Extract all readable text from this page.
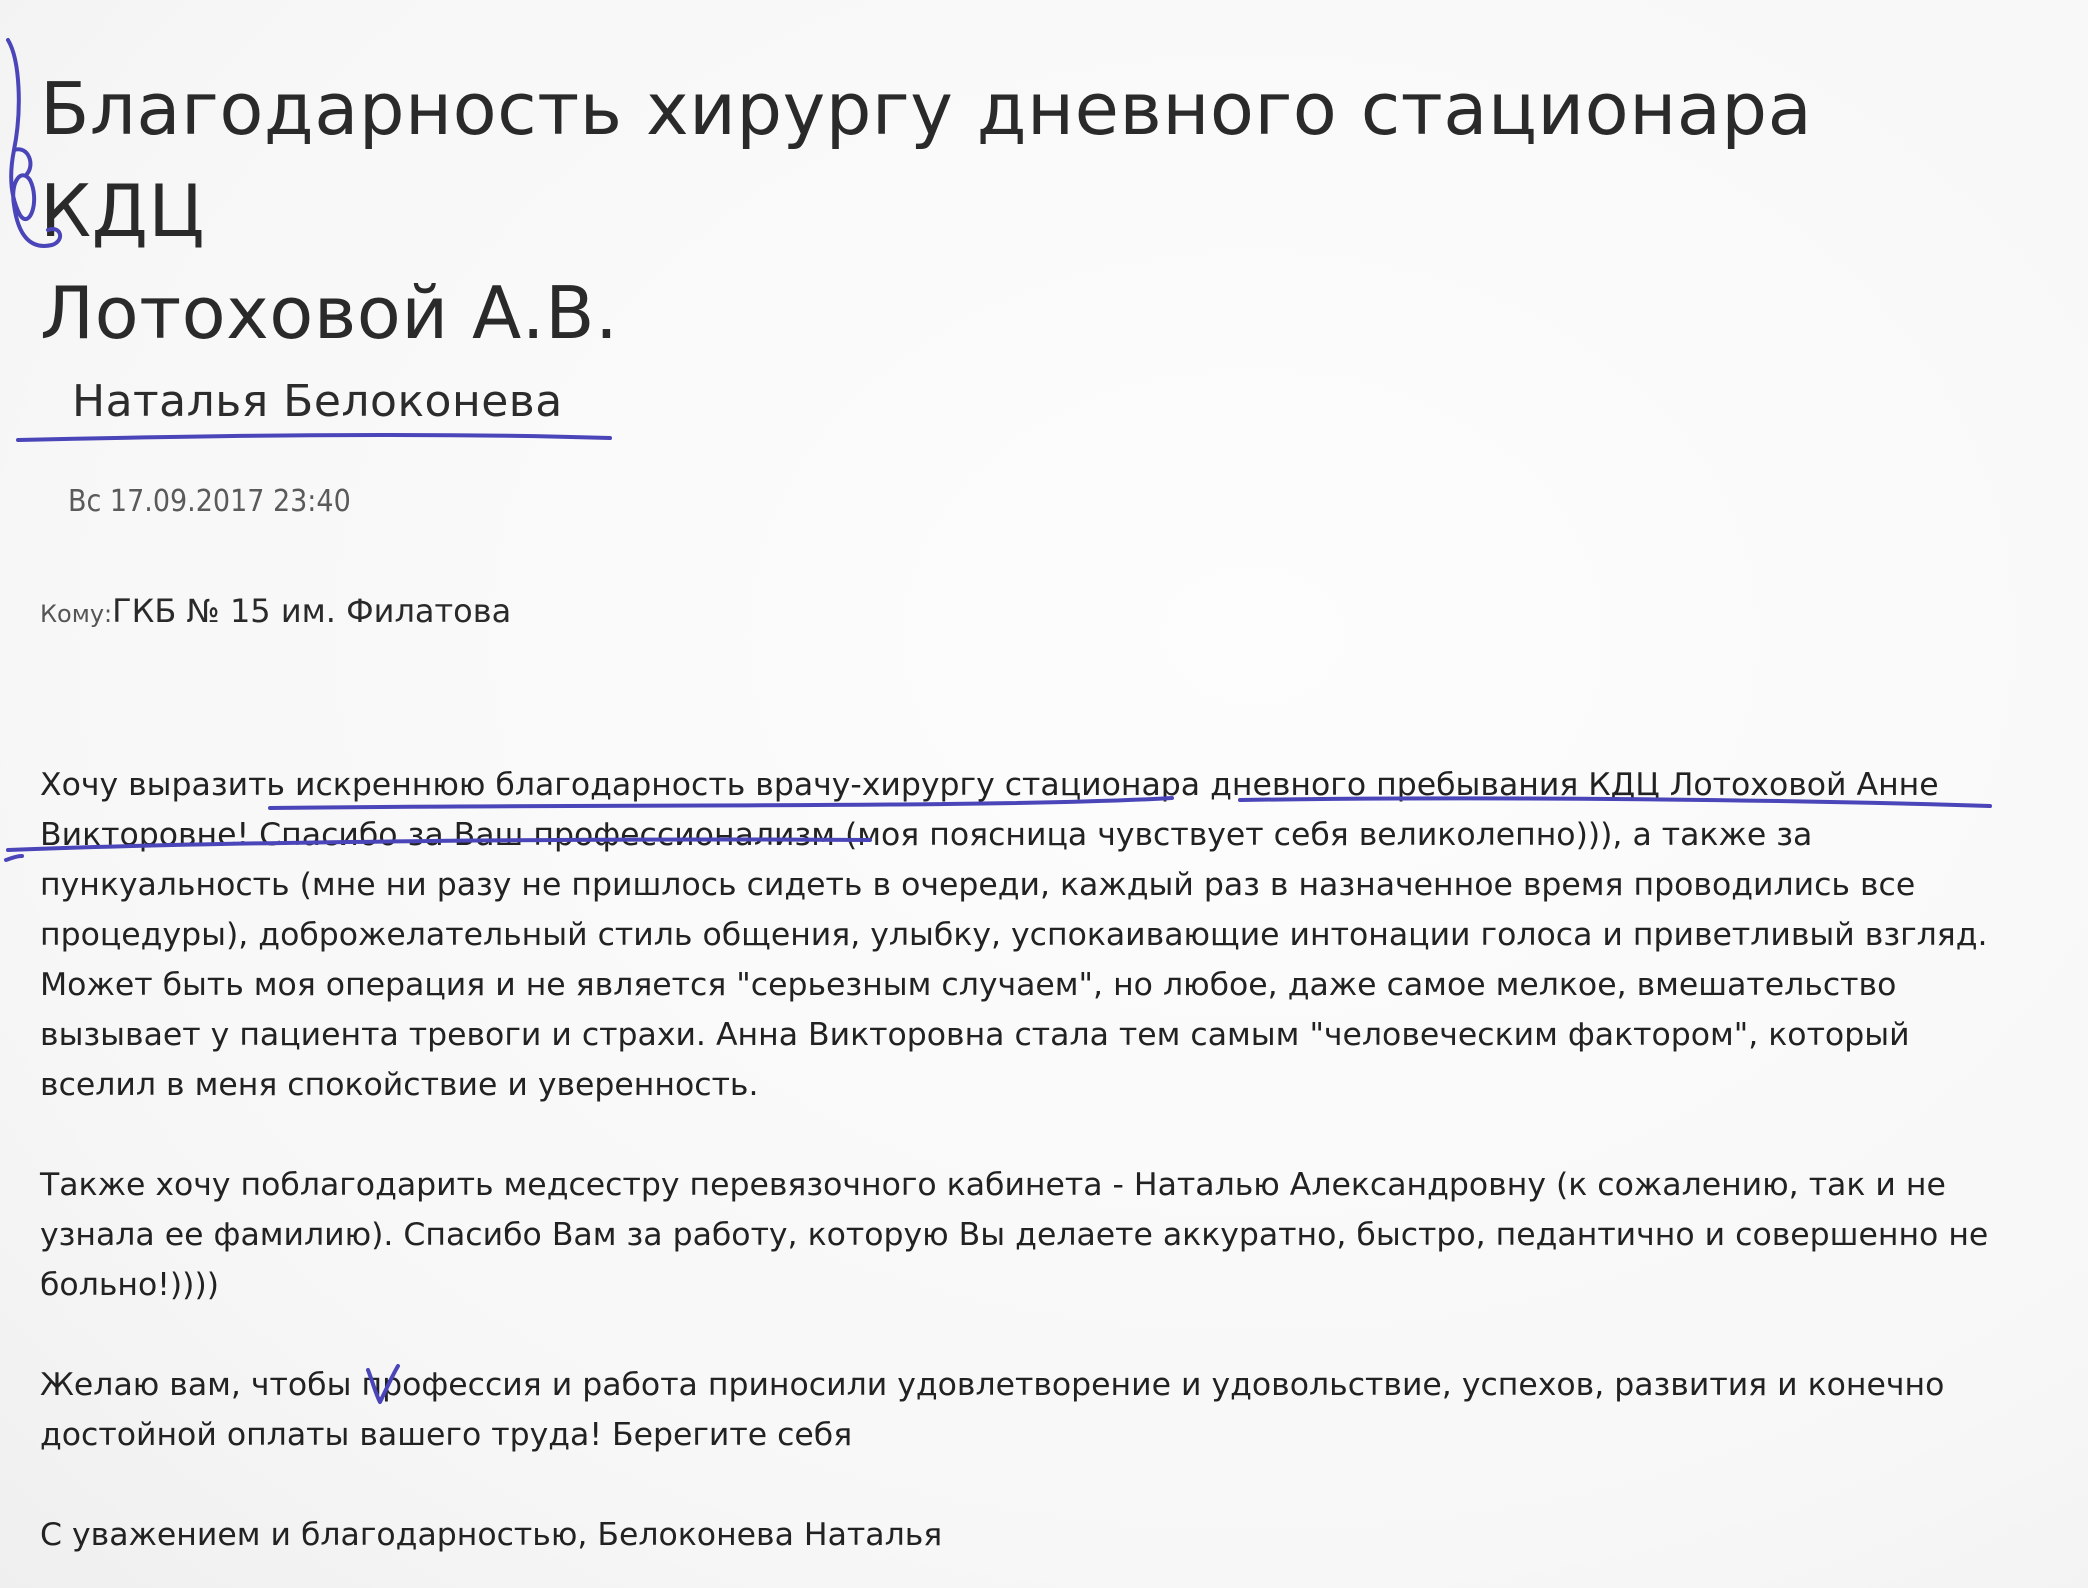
Благодарность хирургу дневного стационара КДЦ
Лотоховой А.В.
Наталья Белоконева
Вс 17.09.2017 23:40
Кому:ГКБ № 15 им. Филатова
Хочу выразить искреннюю благодарность врачу-хирургу стационара дневного пребывания КДЦ Лотоховой Анне
Викторовне! Спасибо за Ваш профессионализм (моя поясница чувствует себя великолепно))), а также за
пункуальность (мне ни разу не пришлось сидеть в очереди, каждый раз в назначенное время проводились все
процедуры), доброжелательный стиль общения, улыбку, успокаивающие интонации голоса и приветливый взгляд.
Может быть моя операция и не является "серьезным случаем", но любое, даже самое мелкое, вмешательство
вызывает у пациента тревоги и страхи. Анна Викторовна стала тем самым "человеческим фактором", который
вселил в меня спокойствие и уверенность.
Также хочу поблагодарить медсестру перевязочного кабинета - Наталью Александровну (к сожалению, так и не
узнала ее фамилию). Спасибо Вам за работу, которую Вы делаете аккуратно, быстро, педантично и совершенно не
больно!))))
Желаю вам, чтобы профессия и работа приносили удовлетворение и удовольствие, успехов, развития и конечно
достойной оплаты вашего труда! Берегите себя
С уважением и благодарностью, Белоконева Наталья
